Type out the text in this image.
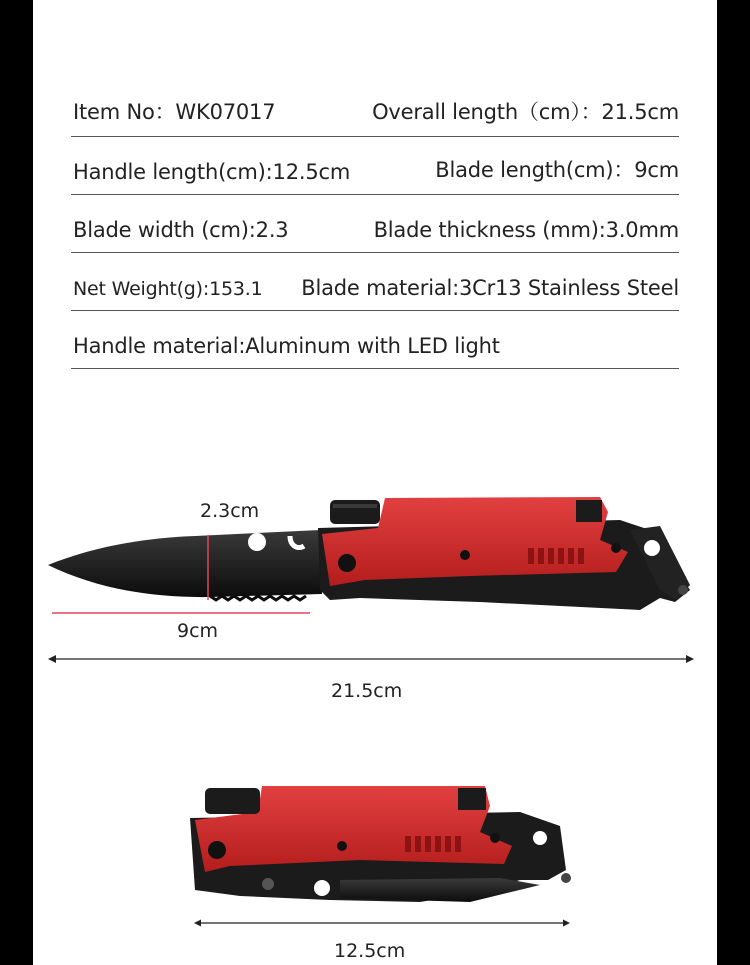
Item No：WK07017	Overall length（cm）：21.5cm
Handle length(cm):12.5cm	Blade length(cm)：9cm
Blade width (cm):2.3	Blade thickness (mm):3.0mm
Net Weight(g):153.1 Blade material:3Cr13 Stainless Steel
Handle material:Aluminum with LED light
2.3cm
9cm
21.5cm
12.5cm
